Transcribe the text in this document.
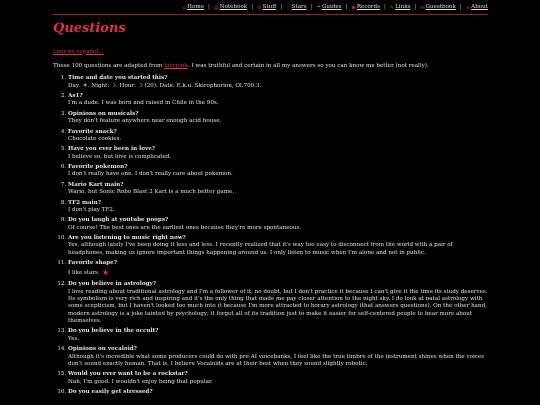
⌂ Home | ▤ Notebook | ☺ Stuff | ☆ Stars | ☂ Guides | ◉ Records | ✎ Links | ✉ Guestbook | ☠ About
Questions
Leer en español...
These 100 questions are adapted from bisypink. I was truthful and certain in all my answers so you can know me better (not really).
1. Time and date you started this?
Day: ☀. Night: ☽. Hour: ☽ (20). Date: E.k.u. Skirophorion, Ol.700.3.
2. As1?
I'm a dude. I was born and raised in Chile in the 90s.
3. Opinions on musicals?
They don't feature anywhere near enough acid house.
4. Favorite snack?
Chocolate cookies.
5. Have you ever been in love?
I believe so, but love is complicated.
6. Favorite pokemon?
I don't really have one. I don't really care about pokemon.
7. Mario Kart main?
Wario, but Sonic Robo Blast 2 Kart is a much better game.
8. TF2 main?
I don't play TF2.
9. Do you laugh at youtube poops?
Of course! The best ones are the earliest ones because they're more spontaneous.
10. Are you listening to music right now?
Yes, although lately I've been doing it less and less. I recently realized that it's way too easy to disconnect from the world with a pair of headphones, making us ignore important things happening around us. I only listen to music when I'm alone and not in public.
11. Favorite shape?
I like stars. ★
12. Do you believe in astrology?
I love reading about traditional astrology and I'm a follower of it, no doubt, but I don't practice it because I can't give it the time its study deserves. Its symbolism is very rich and inspiring and it's the only thing that made me pay closer attention to the night sky. I do look at natal astrology with some scepticism, but I haven't looked too much into it because I'm more attracted to horary astrology (that answers questions). On the other hand, modern astrology is a joke tainted by psychology; it forgot all of its tradition just to make it easier for self-centered people to hear more about themselves.
13. Do you believe in the occult?
Yes.
14. Opinions on vocaloid?
Although it's incredible what some producers could do with pre-AI voicebanks, I feel like the true timbre of the instrument shines when the voices don't sound exactly human. That is, I believe Vocaloids are at their best when they sound slightly robotic.
15. Would you ever want to be a rockstar?
Nah, I'm good. I wouldn't enjoy being that popular.
16. Do you easily get stressed?
